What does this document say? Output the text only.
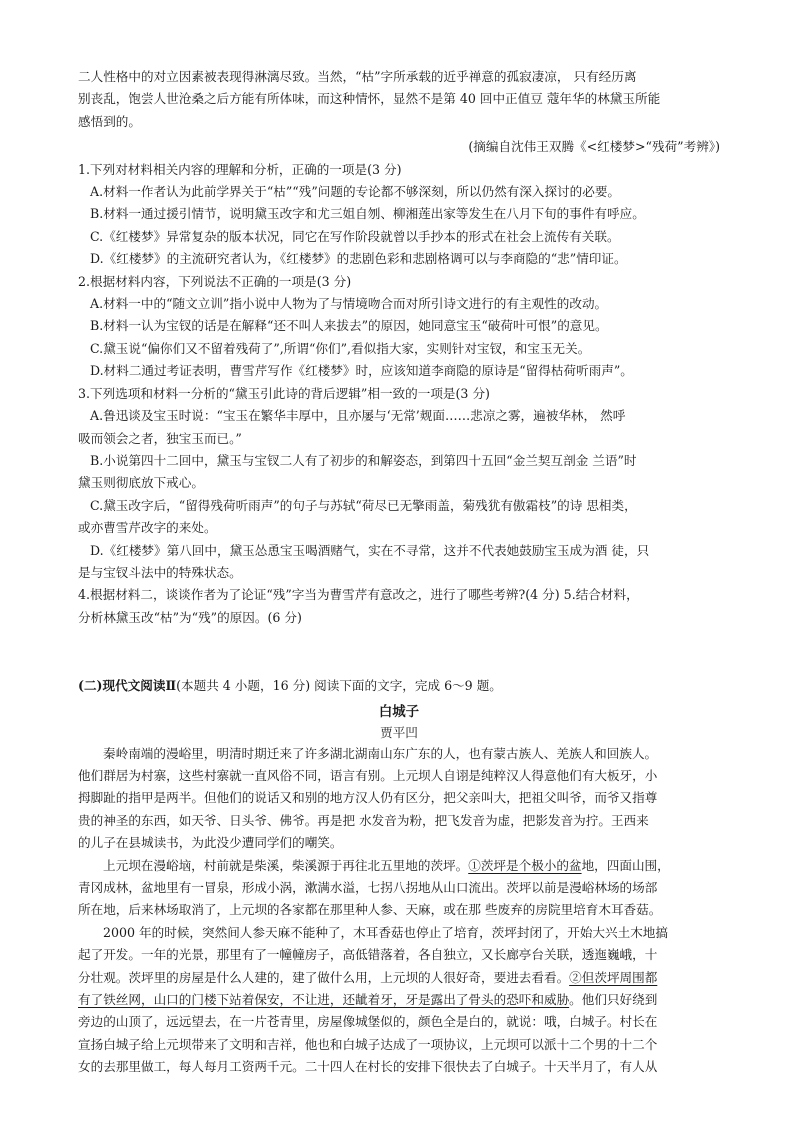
二人性格中的对立因素被表现得淋漓尽致。当然，“枯”字所承载的近乎禅意的孤寂凄凉， 只有经历离

别丧乱，饱尝人世沧桑之后方能有所体味，而这种情怀，显然不是第 40 回中正值豆 蔻年华的林黛玉所能

感悟到的。

(摘编自沈伟王双腾《<红楼梦>“残荷”考辨》)

1.下列对材料相关内容的理解和分析，正确的一项是(3 分)

A.材料一作者认为此前学界关于“枯”“残”问题的专论都不够深刻，所以仍然有深入探讨的必要。

B.材料一通过援引情节，说明黛玉改字和尤三姐自刎、柳湘莲出家等发生在八月下旬的事件有呼应。

C.《红楼梦》异常复杂的版本状况，同它在写作阶段就曾以手抄本的形式在社会上流传有关联。

D.《红楼梦》的主流研究者认为，《红楼梦》的悲剧色彩和悲剧格调可以与李商隐的“悲”情印证。

2.根据材料内容，下列说法不正确的一项是(3 分)

A.材料一中的“随文立训”指小说中人物为了与情境吻合而对所引诗文进行的有主观性的改动。

B.材料一认为宝钗的话是在解释“还不叫人来拔去”的原因，她同意宝玉“破荷叶可恨”的意见。

C.黛玉说“偏你们又不留着残荷了”,所谓“你们”,看似指大家，实则针对宝钗，和宝玉无关。

D.材料二通过考证表明，曹雪芹写作《红楼梦》时，应该知道李商隐的原诗是“留得枯荷听雨声”。

3.下列选项和材料一分析的“黛玉引此诗的背后逻辑”相一致的一项是(3 分)

A.鲁迅谈及宝玉时说：“宝玉在繁华丰厚中，且亦屡与‘无常’觌面……悲凉之雾，遍被华林， 然呼

吸而领会之者，独宝玉而已。”

B.小说第四十二回中，黛玉与宝钗二人有了初步的和解姿态，到第四十五回“金兰契互剖金 兰语”时

黛玉则彻底放下戒心。

C.黛玉改字后，“留得残荷听雨声”的句子与苏轼“荷尽已无擎雨盖，菊残犹有傲霜枝”的诗 思相类，

或亦曹雪芹改字的来处。

D.《红楼梦》第八回中，黛玉怂恿宝玉喝酒赌气，实在不寻常，这并不代表她鼓励宝玉成为酒 徒，只

是与宝钗斗法中的特殊状态。

4.根据材料二，谈谈作者为了论证“残”字当为曹雪芹有意改之，进行了哪些考辨?(4 分) 5.结合材料，

分析林黛玉改“枯”为“残”的原因。(6 分)

(二)现代文阅读Ⅱ(本题共 4 小题，16 分) 阅读下面的文字，完成 6～9 题。

白城子

贾平凹

秦岭南端的漫峪里，明清时期迁来了许多湖北湖南山东广东的人，也有蒙古族人、羌族人和回族人。

他们群居为村寨，这些村寨就一直风俗不同，语言有别。上元坝人自诩是纯粹汉人得意他们有大板牙，小

拇脚趾的指甲是两半。但他们的说话又和别的地方汉人仍有区分，把父亲叫大，把祖父叫爷，而爷又指尊

贵的神圣的东西，如天爷、日头爷、佛爷。再是把 水发音为粉，把飞发音为虚，把影发音为拧。王西来

的儿子在县城读书，为此没少遭同学们的嘲笑。

上元坝在漫峪垴，村前就是柴溪，柴溪源于再往北五里地的茨坪。①茨坪是个极小的盆地，四面山围，

青冈成林，盆地里有一冒泉，形成小涡，漱满水溢，七拐八拐地从山口流出。茨坪以前是漫峪林场的场部

所在地，后来林场取消了，上元坝的各家都在那里种人参、天麻，或在那 些废弃的房院里培育木耳香菇。

2000 年的时候，突然间人参天麻不能种了，木耳香菇也停止了培育，茨坪封闭了，开始大兴土木地搞

起了开发。一年的光景，那里有了一幢幢房子，高低错落着，各自独立，又长廊亭台关联，透迤巍峨，十

分壮观。茨坪里的房屋是什么人建的，建了做什么用，上元坝的人很好奇，要进去看看。②但茨坪周围都

有了铁丝网，山口的门楼下站着保安，不让进，还龇着牙，牙是露出了骨头的恐吓和威胁。他们只好绕到

旁边的山顶了，远远望去，在一片苍青里，房屋像城堡似的，颜色全是白的，就说：哦，白城子。村长在

宣扬白城子给上元坝带来了文明和吉祥，他也和白城子达成了一项协议，上元坝可以派十二个男的十二个

女的去那里做工，每人每月工资两千元。二十四人在村长的安排下很快去了白城子。十天半月了，有人从
